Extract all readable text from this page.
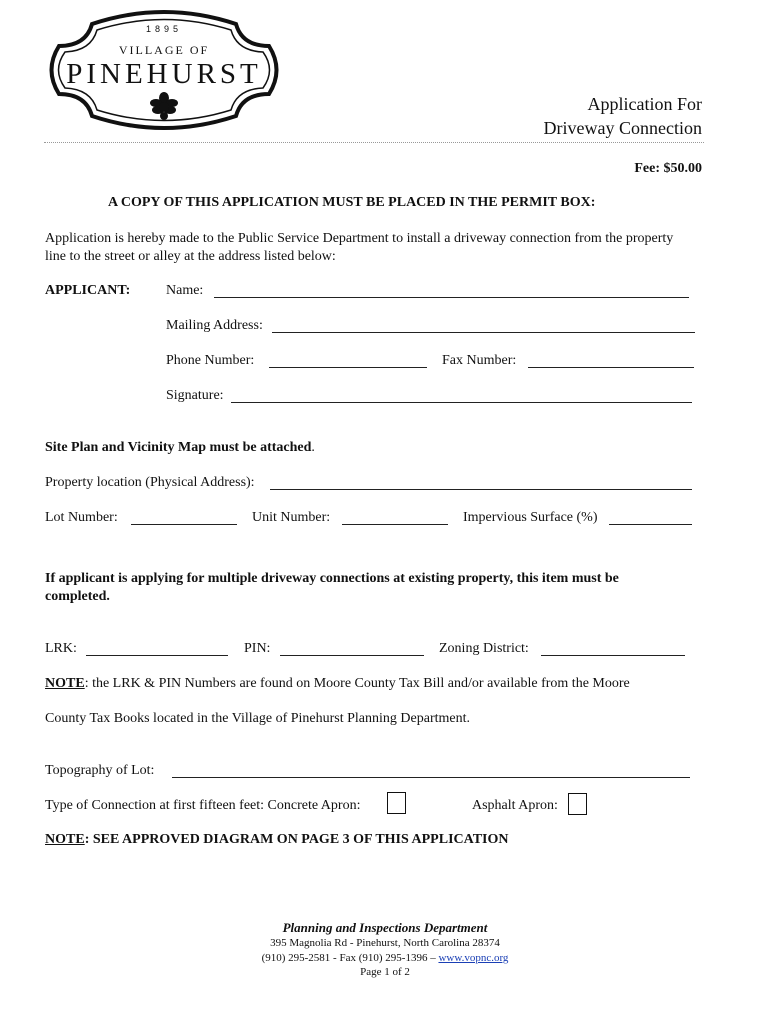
1895
VILLAGE OF
PINEHURST
Application For
Driveway Connection
Fee: $50.00
A COPY OF THIS APPLICATION MUST BE PLACED IN THE PERMIT BOX:
Application is hereby made to the Public Service Department to install a driveway connection from the property
line to the street or alley at the address listed below:
APPLICANT:	Name:
Mailing Address:
Phone Number:	Fax Number:
Signature:
Site Plan and Vicinity Map must be attached.
Property location (Physical Address):
Lot Number:	Unit Number:	Impervious Surface (%)
If applicant is applying for multiple driveway connections at existing property, this item must be
completed.
LRK:	PIN:	Zoning District:
NOTE: the LRK & PIN Numbers are found on Moore County Tax Bill and/or available from the Moore
County Tax Books located in the Village of Pinehurst Planning Department.
Topography of Lot:
Type of Connection at first fifteen feet: Concrete Apron:	Asphalt Apron:
NOTE: SEE APPROVED DIAGRAM ON PAGE 3 OF THIS APPLICATION
Planning and Inspections Department
395 Magnolia Rd - Pinehurst, North Carolina 28374
(910) 295-2581 - Fax (910) 295-1396 – www.vopnc.org
Page 1 of 2
